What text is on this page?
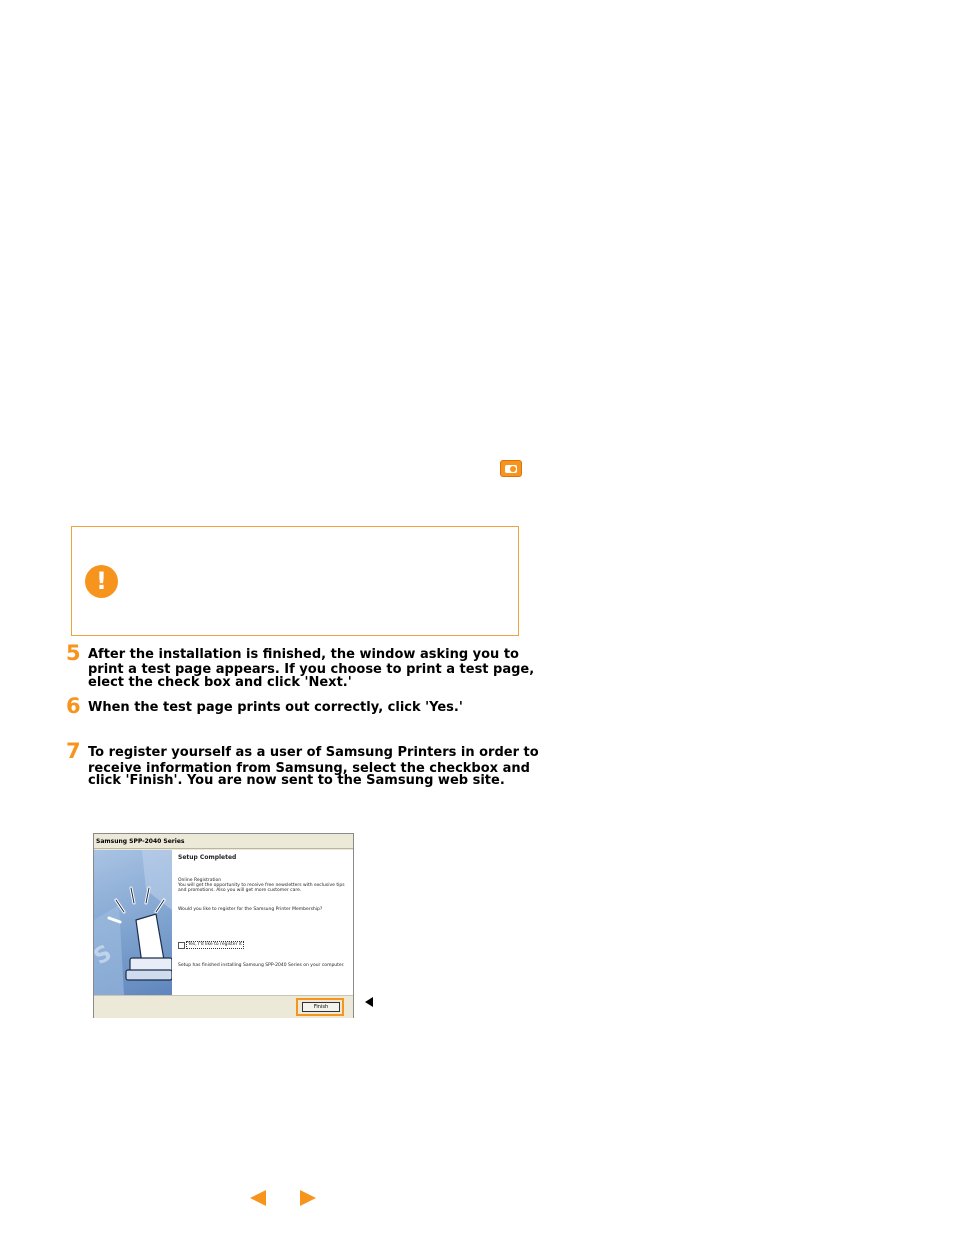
!
5 After the installation is finished, the window asking you to
print a test page appears. If you choose to print a test page,
elect the check box and click 'Next.'
6 When the test page prints out correctly, click 'Yes.'
7 To register yourself as a user of Samsung Printers in order to
receive information from Samsung, select the checkbox and
click 'Finish'. You are now sent to the Samsung web site.
Samsung SPP-2040 Series
S
Setup Completed
Online Registration
You will get the opportunity to receive free newsletters with exclusive tips
and promotions. Also you will get more customer care.
Would you like to register for the Samsung Printer Membership?
Yes, I'd like to register it
Setup has finished installing Samsung SPP-2040 Series on your computer.
Finish
